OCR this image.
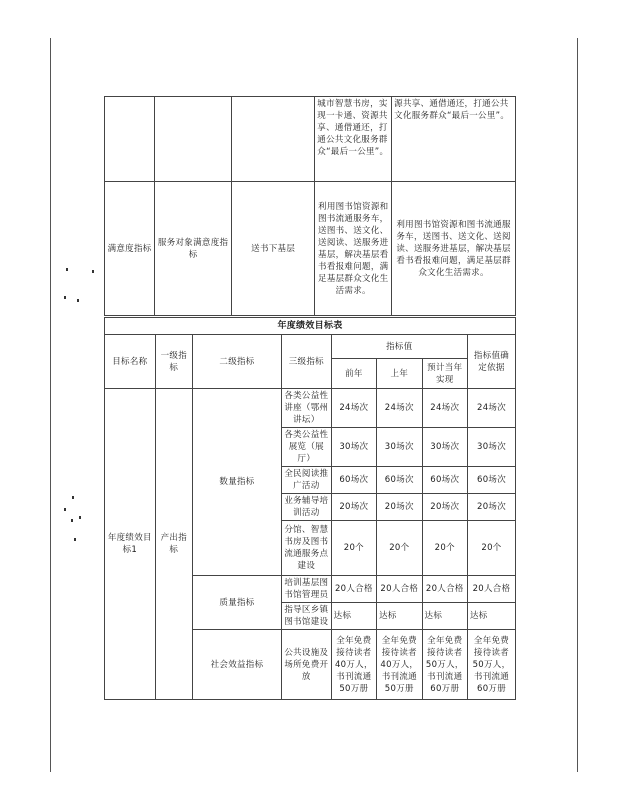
			城市智慧书房，实现一卡通、资源共享、通借通还，打通公共文化服务群众“最后一公里”。	源共享、通借通还，打通公共文化服务群众“最后一公里”。
满意度指标	服务对象满意度指标	送书下基层	利用图书馆资源和图书流通服务车，送图书、送文化、送阅读、送服务进基层，解决基层看书看报难问题，满足基层群众文化生活需求。	利用图书馆资源和图书流通服务车，送图书、送文化、送阅读、送服务进基层，解决基层看书看报难问题，满足基层群众文化生活需求。
年度绩效目标表							
目标名称	一级指标	二级指标	三级指标	指标值			指标值确定依据
				前年	上年	预计当年实现	
年度绩效目标1	产出指标	数量指标	各类公益性讲座（鄂州讲坛）	24场次	24场次	24场次	24场次
			各类公益性展览（展厅）	30场次	30场次	30场次	30场次
			全民阅读推广活动	60场次	60场次	60场次	60场次
			业务辅导培训活动	20场次	20场次	20场次	20场次
			分馆、智慧书房及图书流通服务点建设	20个	20个	20个	20个
		质量指标	培训基层图书馆管理员	20人合格	20人合格	20人合格	20人合格
			指导区乡镇图书馆建设	达标	达标	达标	达标
		社会效益指标	公共设施及场所免费开放	全年免费接待读者40万人，书刊流通50万册	全年免费接待读者40万人，书刊流通50万册	全年免费接待读者50万人，书刊流通60万册	全年免费接待读者50万人，书刊流通60万册
